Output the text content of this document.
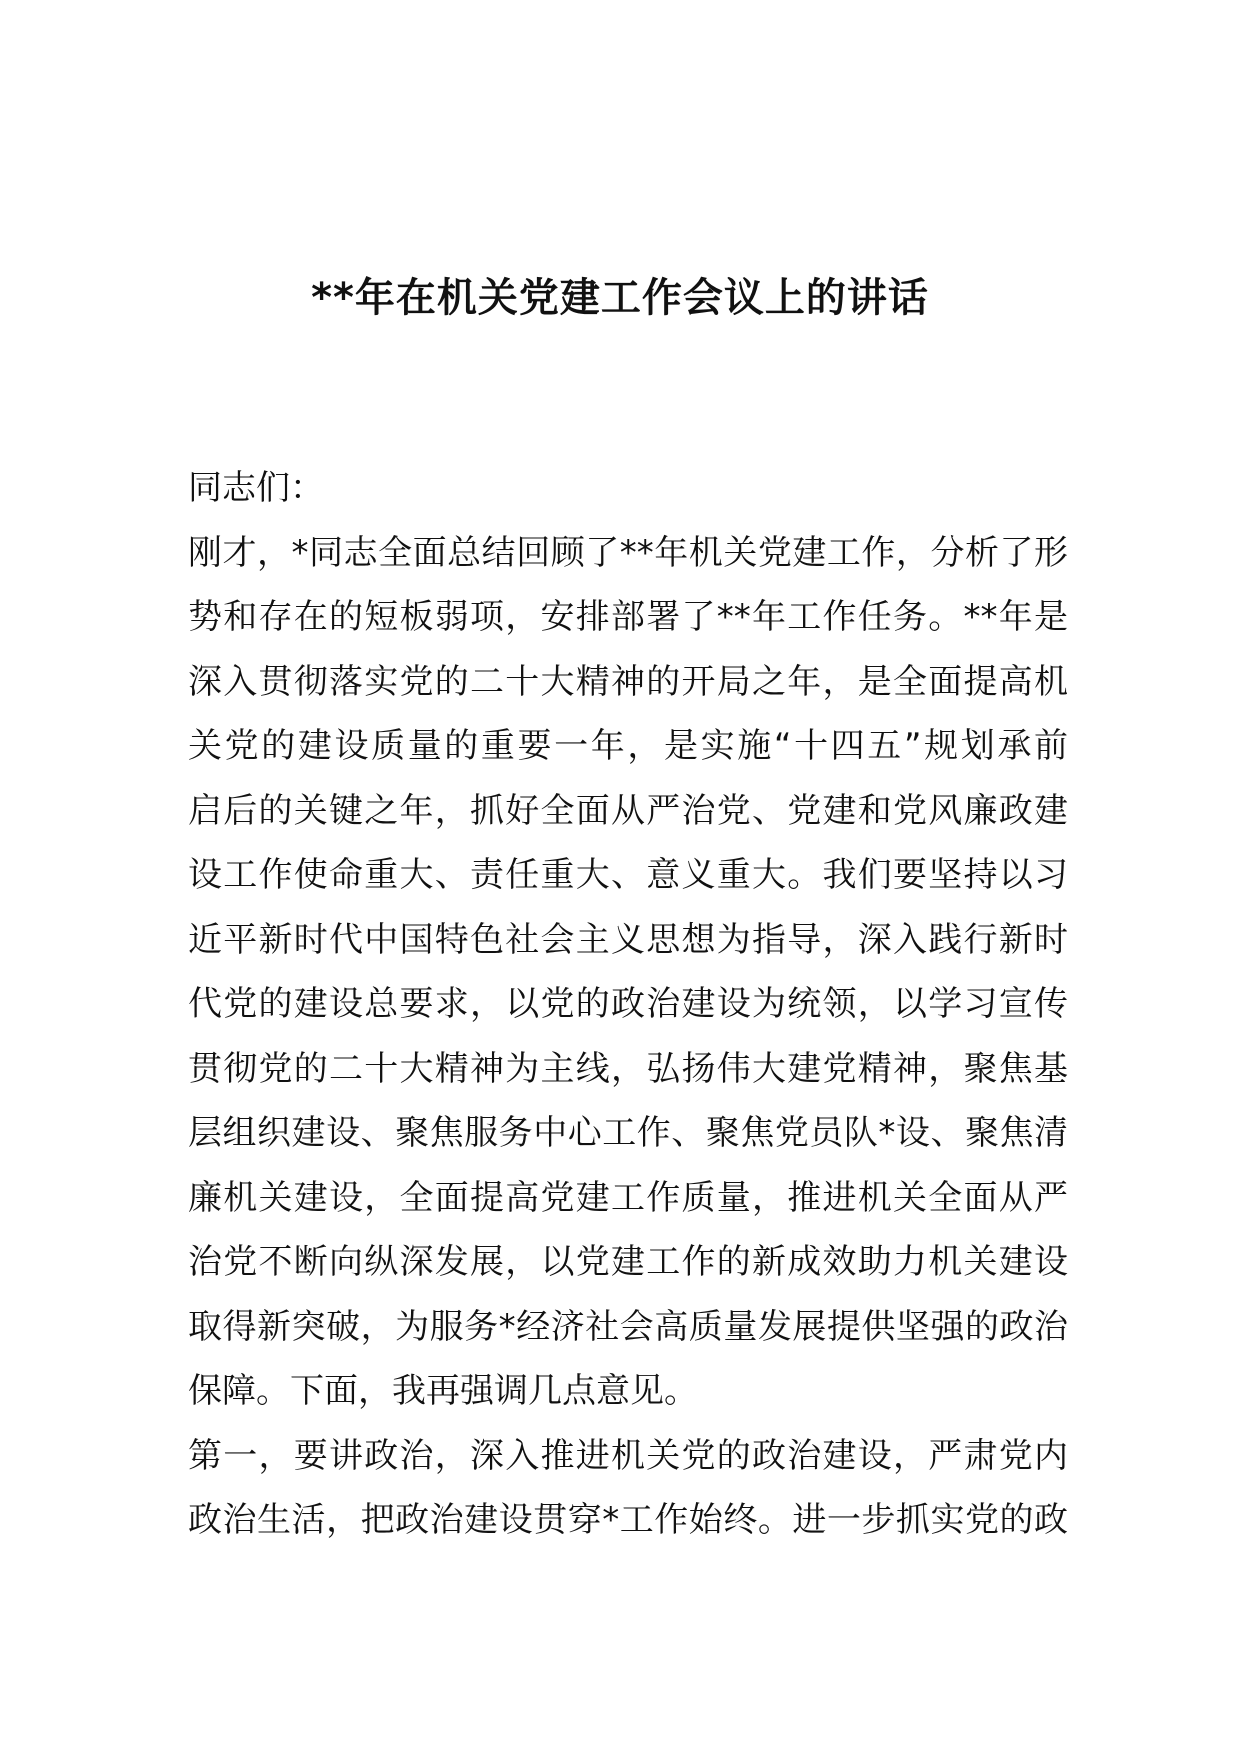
**年在机关党建工作会议上的讲话

同志们：

刚才，*同志全面总结回顾了**年机关党建工作，分析了形

势和存在的短板弱项，安排部署了**年工作任务。**年是

深入贯彻落实党的二十大精神的开局之年，是全面提高机

关党的建设质量的重要一年，是实施“十四五”规划承前

启后的关键之年，抓好全面从严治党、党建和党风廉政建

设工作使命重大、责任重大、意义重大。我们要坚持以习

近平新时代中国特色社会主义思想为指导，深入践行新时

代党的建设总要求，以党的政治建设为统领，以学习宣传

贯彻党的二十大精神为主线，弘扬伟大建党精神，聚焦基

层组织建设、聚焦服务中心工作、聚焦党员队*设、聚焦清

廉机关建设，全面提高党建工作质量，推进机关全面从严

治党不断向纵深发展，以党建工作的新成效助力机关建设

取得新突破，为服务*经济社会高质量发展提供坚强的政治

保障。下面，我再强调几点意见。

第一，要讲政治，深入推进机关党的政治建设，严肃党内

政治生活，把政治建设贯穿*工作始终。进一步抓实党的政
